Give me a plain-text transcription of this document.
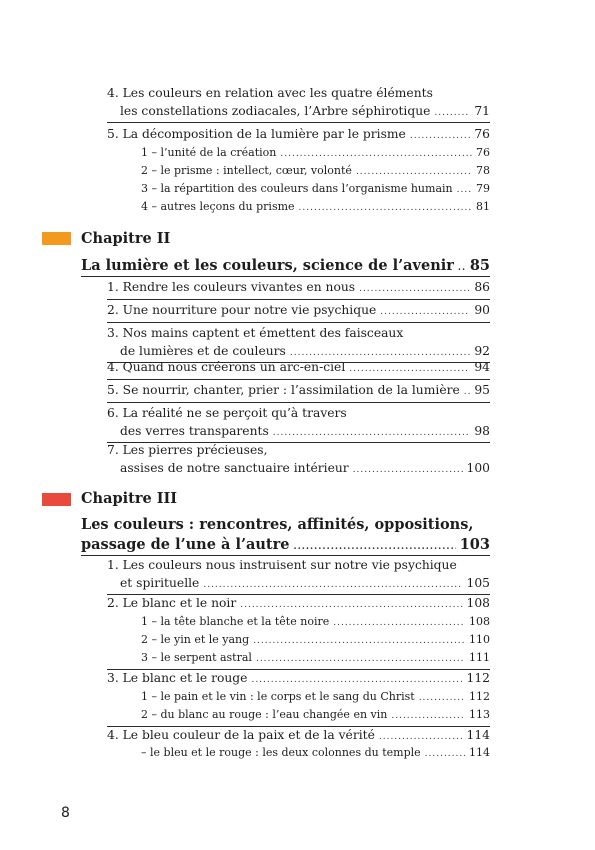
4. Les couleurs en relation avec les quatre éléments
les constellations zodiacales, l’Arbre séphirotique .....	71
5. La décomposition de la lumière par le prisme .....	76
1 – l’unité de la création .....	76
2 – le prisme : intellect, cœur, volonté .....	78
3 – la répartition des couleurs dans l’organisme humain ..... 79
4 – autres leçons du prisme .....	81
Chapitre II
La lumière et les couleurs, science de l’avenir ..... 85
1. Rendre les couleurs vivantes en nous .....	86
2. Une nourriture pour notre vie psychique .....	90
3. Nos mains captent et émettent des faisceaux
de lumières et de couleurs .....	92
4. Quand nous créerons un arc-en-ciel .....	94
5. Se nourrir, chanter, prier : l’assimilation de la lumière ..... 95
6. La réalité ne se perçoit qu’à travers
des verres transparents .....	98
7. Les pierres précieuses,
assises de notre sanctuaire intérieur .....	100
Chapitre III
Les couleurs : rencontres, affinités, oppositions,
passage de l’une à l’autre .....	103
1. Les couleurs nous instruisent sur notre vie psychique
et spirituelle .....	105
2. Le blanc et le noir .....	108
1 – la tête blanche et la tête noire .....	108
2 – le yin et le yang .....	110
3 – le serpent astral .....	111
3. Le blanc et le rouge .....	112
1 – le pain et le vin : le corps et le sang du Christ .....	112
2 – du blanc au rouge : l’eau changée en vin .....	113
4. Le bleu couleur de la paix et de la vérité .....	114
– le bleu et le rouge : les deux colonnes du temple .....	114
8
